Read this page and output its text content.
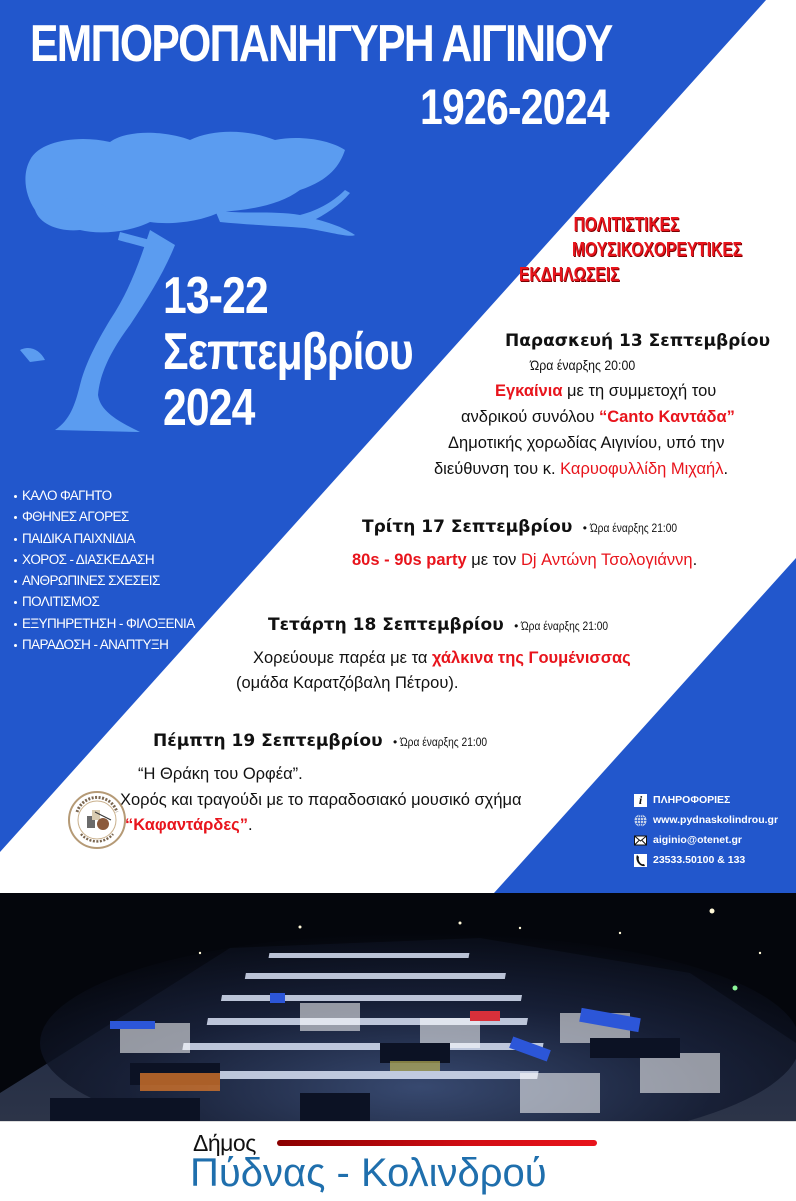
ΕΜΠΟΡΟΠΑΝΗΓΥΡΗ ΑΙΓΙΝΙΟΥ
1926-2024
13-22
Σεπτεμβρίου
2024
ΚΑΛΟ ΦΑΓΗΤΟ
ΦΘΗΝΕΣ ΑΓΟΡΕΣ
ΠΑΙΔΙΚΑ ΠΑΙΧΝΙΔΙΑ
ΧΟΡΟΣ - ΔΙΑΣΚΕΔΑΣΗ
ΑΝΘΡΩΠΙΝΕΣ ΣΧΕΣΕΙΣ
ΠΟΛΙΤΙΣΜΟΣ
ΕΞΥΠΗΡΕΤΗΣΗ - ΦΙΛΟΞΕΝΙΑ
ΠΑΡΑΔΟΣΗ - ΑΝΑΠΤΥΞΗ
ΠΟΛΙΤΙΣΤΙΚΕΣ
ΜΟΥΣΙΚΟΧΟΡΕΥΤΙΚΕΣ
ΕΚΔΗΛΩΣΕΙΣ
Παρασκευή 13 Σεπτεμβρίου
Ώρα έναρξης 20:00
Εγκαίνια με τη συμμετοχή του
ανδρικού συνόλου “Canto Καντάδα”
Δημοτικής χορωδίας Αιγινίου, υπό την
διεύθυνση του κ. Καρυοφυλλίδη Μιχαήλ.
Τρίτη 17 Σεπτεμβρίου • Ώρα έναρξης 21:00
80s - 90s party με τον Dj Αντώνη Τσολογιάννη.
Τετάρτη 18 Σεπτεμβρίου • Ώρα έναρξης 21:00
Χορεύουμε παρέα με τα χάλκινα της Γουμένισσας
(ομάδα Καρατζόβαλη Πέτρου).
Πέμπτη 19 Σεπτεμβρίου • Ώρα έναρξης 21:00
“Η Θράκη του Ορφέα”.
Χορός και τραγούδι με το παραδοσιακό μουσικό σχήμα
“Καφαντάρδες”.
i	ΠΛΗΡΟΦΟΡΙΕΣ
www.pydnaskolindrou.gr
aiginio@otenet.gr
23533.50100 & 133
Δήμος
Πύδνας - Κολινδρού
